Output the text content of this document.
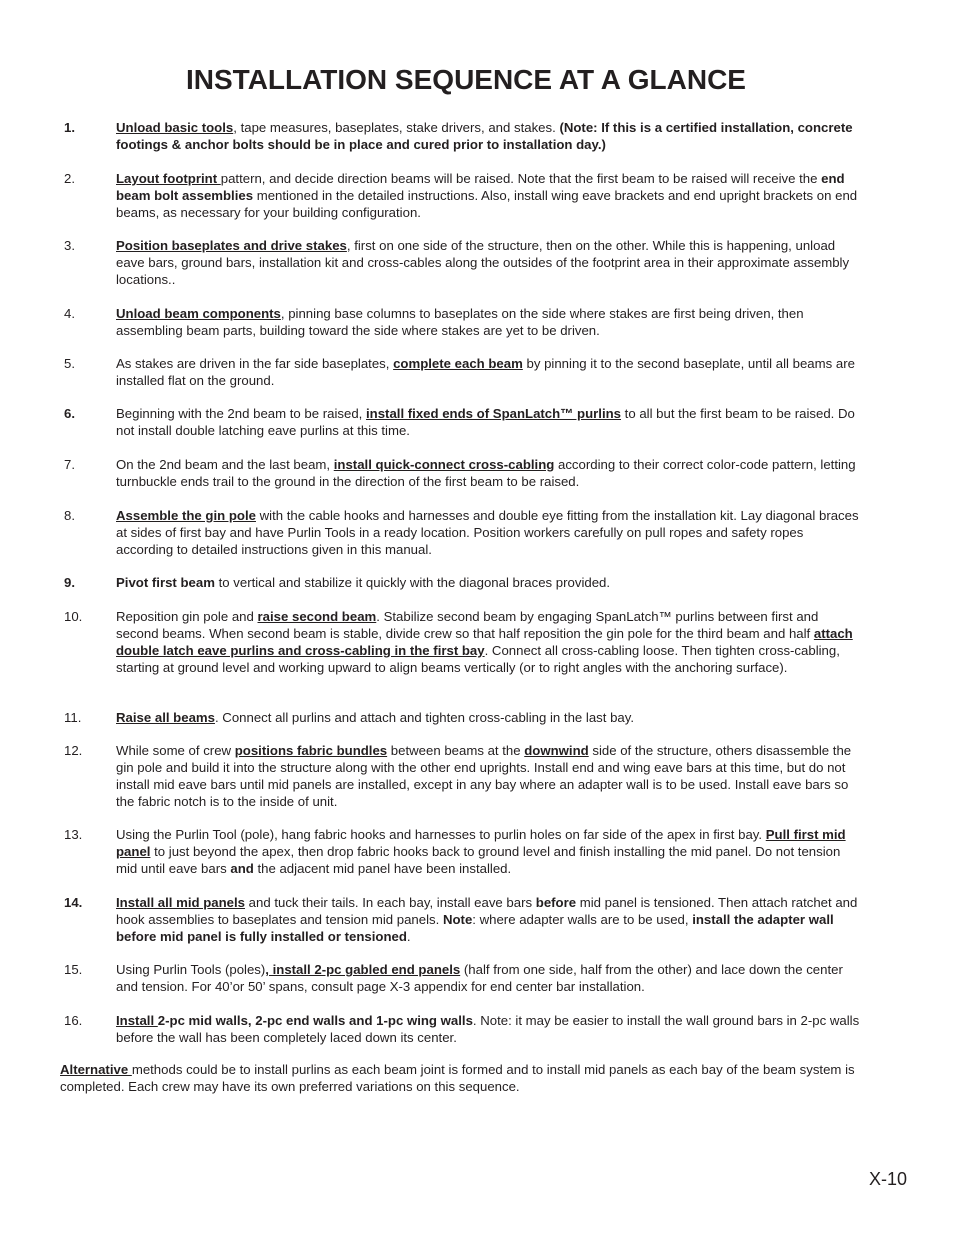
INSTALLATION SEQUENCE AT A GLANCE
1.	Unload basic tools, tape measures, baseplates, stake drivers, and stakes. (Note: If this is a certified installation, concrete footings & anchor bolts should be in place and cured prior to installation day.)
2.	Layout footprint pattern, and decide direction beams will be raised. Note that the first beam to be raised will receive the end beam bolt assemblies mentioned in the detailed instructions. Also, install wing eave brackets and end upright brackets on end beams, as necessary for your building configuration.
3.	Position baseplates and drive stakes, first on one side of the structure, then on the other. While this is happening, unload eave bars, ground bars, installation kit and cross-cables along the outsides of the footprint area in their approximate assembly locations..
4.	Unload beam components, pinning base columns to baseplates on the side where stakes are first being driven, then assembling beam parts, building toward the side where stakes are yet to be driven.
5.	As stakes are driven in the far side baseplates, complete each beam by pinning it to the second baseplate, until all beams are installed flat on the ground.
6.	Beginning with the 2nd beam to be raised, install fixed ends of SpanLatch™ purlins to all but the first beam to be raised. Do not install double latching eave purlins at this time.
7.	On the 2nd beam and the last beam, install quick-connect cross-cabling according to their correct color-code pattern, letting turnbuckle ends trail to the ground in the direction of the first beam to be raised.
8.	Assemble the gin pole with the cable hooks and harnesses and double eye fitting from the installation kit. Lay diagonal braces at sides of first bay and have Purlin Tools in a ready location. Position workers carefully on pull ropes and safety ropes according to detailed instructions given in this manual.
9.	Pivot first beam to vertical and stabilize it quickly with the diagonal braces provided.
10.	Reposition gin pole and raise second beam. Stabilize second beam by engaging SpanLatch™ purlins between first and second beams. When second beam is stable, divide crew so that half reposition the gin pole for the third beam and half attach double latch eave purlins and cross-cabling in the first bay. Connect all cross-cabling loose. Then tighten cross-cabling, starting at ground level and working upward to align beams vertically (or to right angles with the anchoring surface).
11.	Raise all beams. Connect all purlins and attach and tighten cross-cabling in the last bay.
12.	While some of crew positions fabric bundles between beams at the downwind side of the structure, others disassemble the gin pole and build it into the structure along with the other end uprights. Install end and wing eave bars at this time, but do not install mid eave bars until mid panels are installed, except in any bay where an adapter wall is to be used. Install eave bars so the fabric notch is to the inside of unit.
13.	Using the Purlin Tool (pole), hang fabric hooks and harnesses to purlin holes on far side of the apex in first bay. Pull first mid panel to just beyond the apex, then drop fabric hooks back to ground level and finish installing the mid panel. Do not tension mid until eave bars and the adjacent mid panel have been installed.
14.	Install all mid panels and tuck their tails. In each bay, install eave bars before mid panel is tensioned. Then attach ratchet and hook assemblies to baseplates and tension mid panels. Note: where adapter walls are to be used, install the adapter wall before mid panel is fully installed or tensioned.
15.	Using Purlin Tools (poles), install 2-pc gabled end panels (half from one side, half from the other) and lace down the center and tension. For 40’or 50’ spans, consult page X-3 appendix for end center bar installation.
16.	Install 2-pc mid walls, 2-pc end walls and 1-pc wing walls. Note: it may be easier to install the wall ground bars in 2-pc walls before the wall has been completely laced down its center.
Alternative methods could be to install purlins as each beam joint is formed and to install mid panels as each bay of the beam system is completed. Each crew may have its own preferred variations on this sequence.
X-10
